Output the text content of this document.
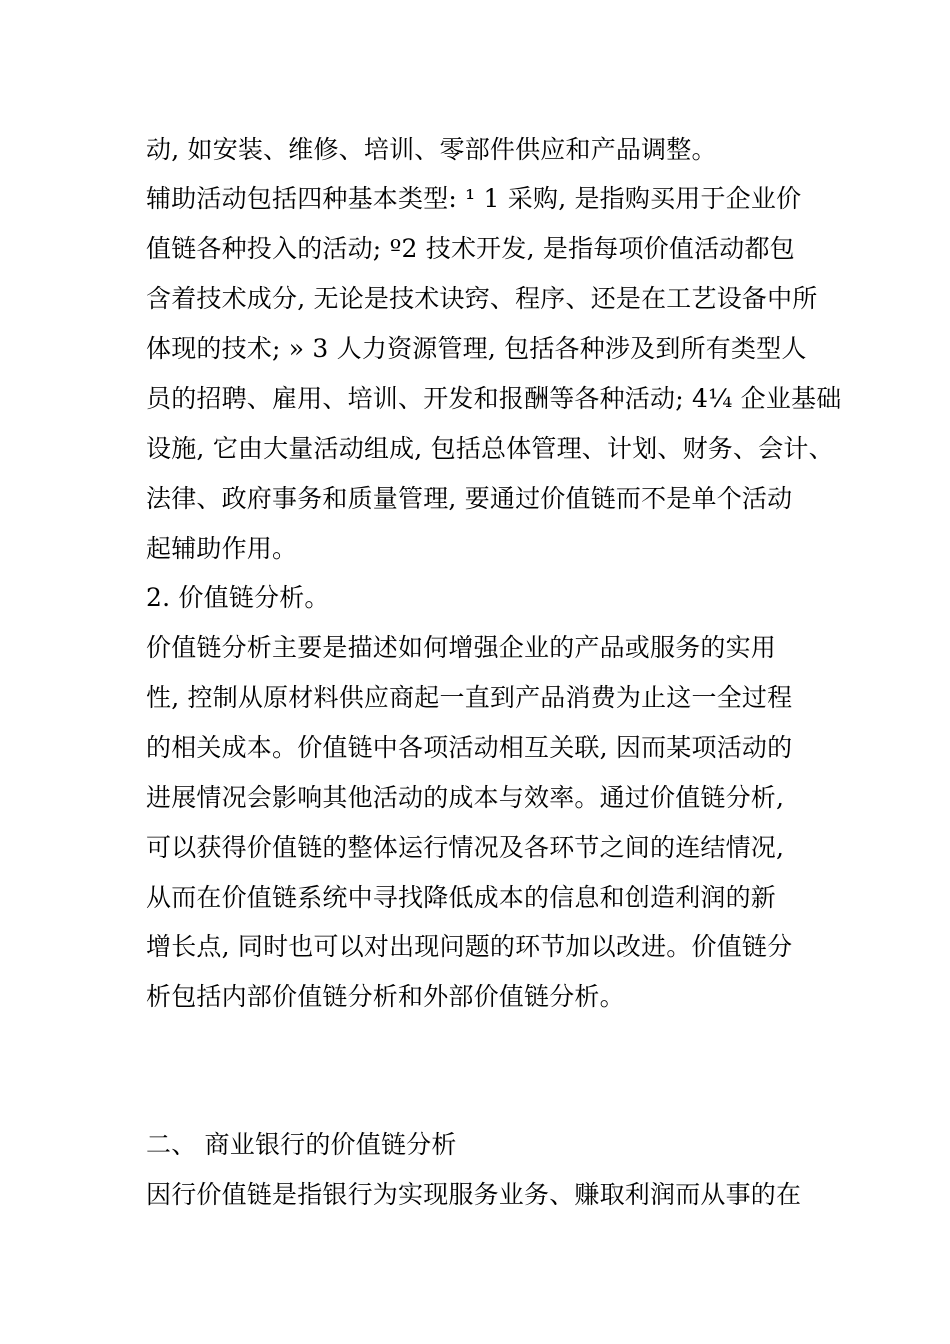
动, 如安装、维修、培训、零部件供应和产品调整。
辅助活动包括四种基本类型: ¹ 1 采购, 是指购买用于企业价
值链各种投入的活动; º2 技术开发, 是指每项价值活动都包
含着技术成分, 无论是技术诀窍、程序、还是在工艺设备中所
体现的技术; » 3 人力资源管理, 包括各种涉及到所有类型人
员的招聘、雇用、培训、开发和报酬等各种活动; 4¼ 企业基础
设施, 它由大量活动组成, 包括总体管理、计划、财务、会计、
法律、政府事务和质量管理, 要通过价值链而不是单个活动
起辅助作用。
2. 价值链分析。
价值链分析主要是描述如何增强企业的产品或服务的实用
性, 控制从原材料供应商起一直到产品消费为止这一全过程
的相关成本。价值链中各项活动相互关联, 因而某项活动的
进展情况会影响其他活动的成本与效率。通过价值链分析,
可以获得价值链的整体运行情况及各环节之间的连结情况,
从而在价值链系统中寻找降低成本的信息和创造利润的新
增长点, 同时也可以对出现问题的环节加以改进。价值链分
析包括内部价值链分析和外部价值链分析。
二、 商业银行的价值链分析
因行价值链是指银行为实现服务业务、赚取利润而从事的在
